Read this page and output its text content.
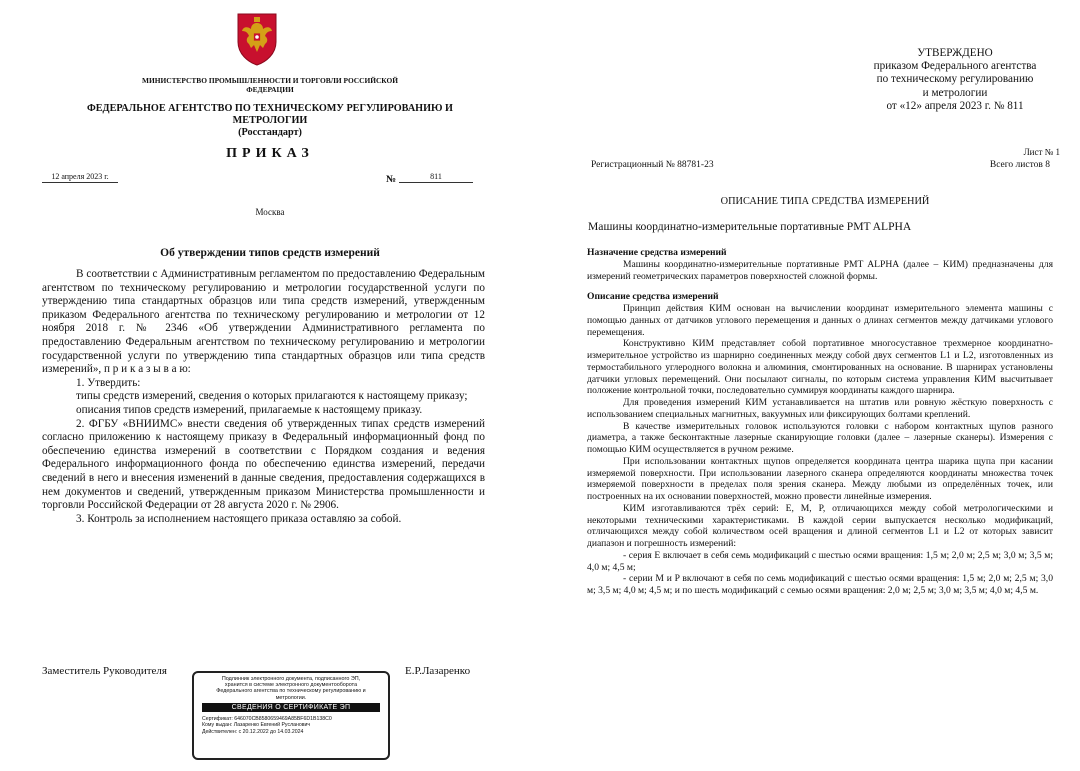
МИНИСТЕРСТВО ПРОМЫШЛЕННОСТИ И ТОРГОВЛИ РОССИЙСКОЙ ФЕДЕРАЦИИ
ФЕДЕРАЛЬНОЕ АГЕНТСТВО ПО ТЕХНИЧЕСКОМУ РЕГУЛИРОВАНИЮ И МЕТРОЛОГИИ
(Росстандарт)
ПРИКАЗ
12 апреля 2023 г.	№	811
Москва
Об утверждении типов средств измерений

В соответствии с Административным регламентом по предоставлению Федеральным агентством по техническому регулированию и метрологии государственной услуги по утверждению типа стандартных образцов или типа средств измерений, утвержденным приказом Федерального агентства по техническому регулированию и метрологии от 12 ноября 2018 г. № 2346 «Об утверждении Административного регламента по предоставлению Федеральным агентством по техническому регулированию и метрологии государственной услуги по утверждению типа стандартных образцов или типа средств измерений», п р и к а з ы в а ю:

1. Утвердить:

типы средств измерений, сведения о которых прилагаются к настоящему приказу;

описания типов средств измерений, прилагаемые к настоящему приказу.

2. ФГБУ «ВНИИМС» внести сведения об утвержденных типах средств измерений согласно приложению к настоящему приказу в Федеральный информационный фонд по обеспечению единства измерений в соответствии с Порядком создания и ведения Федерального информационного фонда по обеспечению единства измерений, передачи сведений в него и внесения изменений в данные сведения, предоставления содержащихся в нем документов и сведений, утвержденным приказом Министерства промышленности и торговли Российской Федерации от 28 августа 2020 г. № 2906.

3. Контроль за исполнением настоящего приказа оставляю за собой.

Заместитель Руководителя	Е.Р.Лазаренко
Подлинник электронного документа, подписанного ЭП,
хранится в системе электронного документооборота
Федерального агентства по техническому регулированию и
метрологии.
СВЕДЕНИЯ О СЕРТИФИКАТЕ ЭП
Сертификат: 646070CB8580659469A85BF6D1B138C0
Кому выдан: Лазаренко Евгений Русланович
Действителен: с 20.12.2022 до 14.03.2024
УТВЕРЖДЕНО
приказом Федерального агентства
по техническому регулированию
и метрологии
от «12» апреля 2023 г. № 811
Лист № 1
Регистрационный № 88781-23	Всего листов 8
ОПИСАНИЕ ТИПА СРЕДСТВА ИЗМЕРЕНИЙ
Машины координатно-измерительные портативные PMT ALPHA

Назначение средства измерений

Машины координатно-измерительные портативные PMT ALPHA (далее – КИМ) предназначены для измерений геометрических параметров поверхностей сложной формы.

Описание средства измерений

Принцип действия КИМ основан на вычислении координат измерительного элемента машины с помощью данных от датчиков углового перемещения и данных о длинах сегментов между датчиками углового перемещения.

Конструктивно КИМ представляет собой портативное многосуставное трехмерное координатно-измерительное устройство из шарнирно соединенных между собой двух сегментов L1 и L2, изготовленных из термостабильного углеродного волокна и алюминия, смонтированных на основание. В шарнирах установлены датчики угловых перемещений. Они посылают сигналы, по которым система управления КИМ высчитывает положение контрольной точки, последовательно суммируя координаты каждого шарнира.

Для проведения измерений КИМ устанавливается на штатив или ровную жёсткую поверхность с использованием специальных магнитных, вакуумных или фиксирующих болтами креплений.

В качестве измерительных головок используются головки с набором контактных щупов разного диаметра, а также бесконтактные лазерные сканирующие головки (далее – лазерные сканеры). Измерения с помощью КИМ осуществляется в ручном режиме.

При использовании контактных щупов определяется координата центра шарика щупа при касании измеряемой поверхности. При использовании лазерного сканера определяются координаты множества точек измеряемой поверхности в пределах поля зрения сканера. Между любыми из определённых точек, или построенных на их основании поверхностей, можно провести линейные измерения.

КИМ изготавливаются трёх серий: E, M, P, отличающихся между собой метрологическими и некоторыми техническими характеристиками. В каждой серии выпускается несколько модификаций, отличающихся между собой количеством осей вращения и длиной сегментов L1 и L2 от которых зависит диапазон и погрешность измерений:

- серия E включает в себя семь модификаций с шестью осями вращения: 1,5 м; 2,0 м; 2,5 м; 3,0 м; 3,5 м; 4,0 м; 4,5 м;

- серии M и P включают в себя по семь модификаций с шестью осями вращения: 1,5 м; 2,0 м; 2,5 м; 3,0 м; 3,5 м; 4,0 м; 4,5 м; и по шесть модификаций с семью осями вращения: 2,0 м; 2,5 м; 3,0 м; 3,5 м; 4,0 м; 4,5 м.
